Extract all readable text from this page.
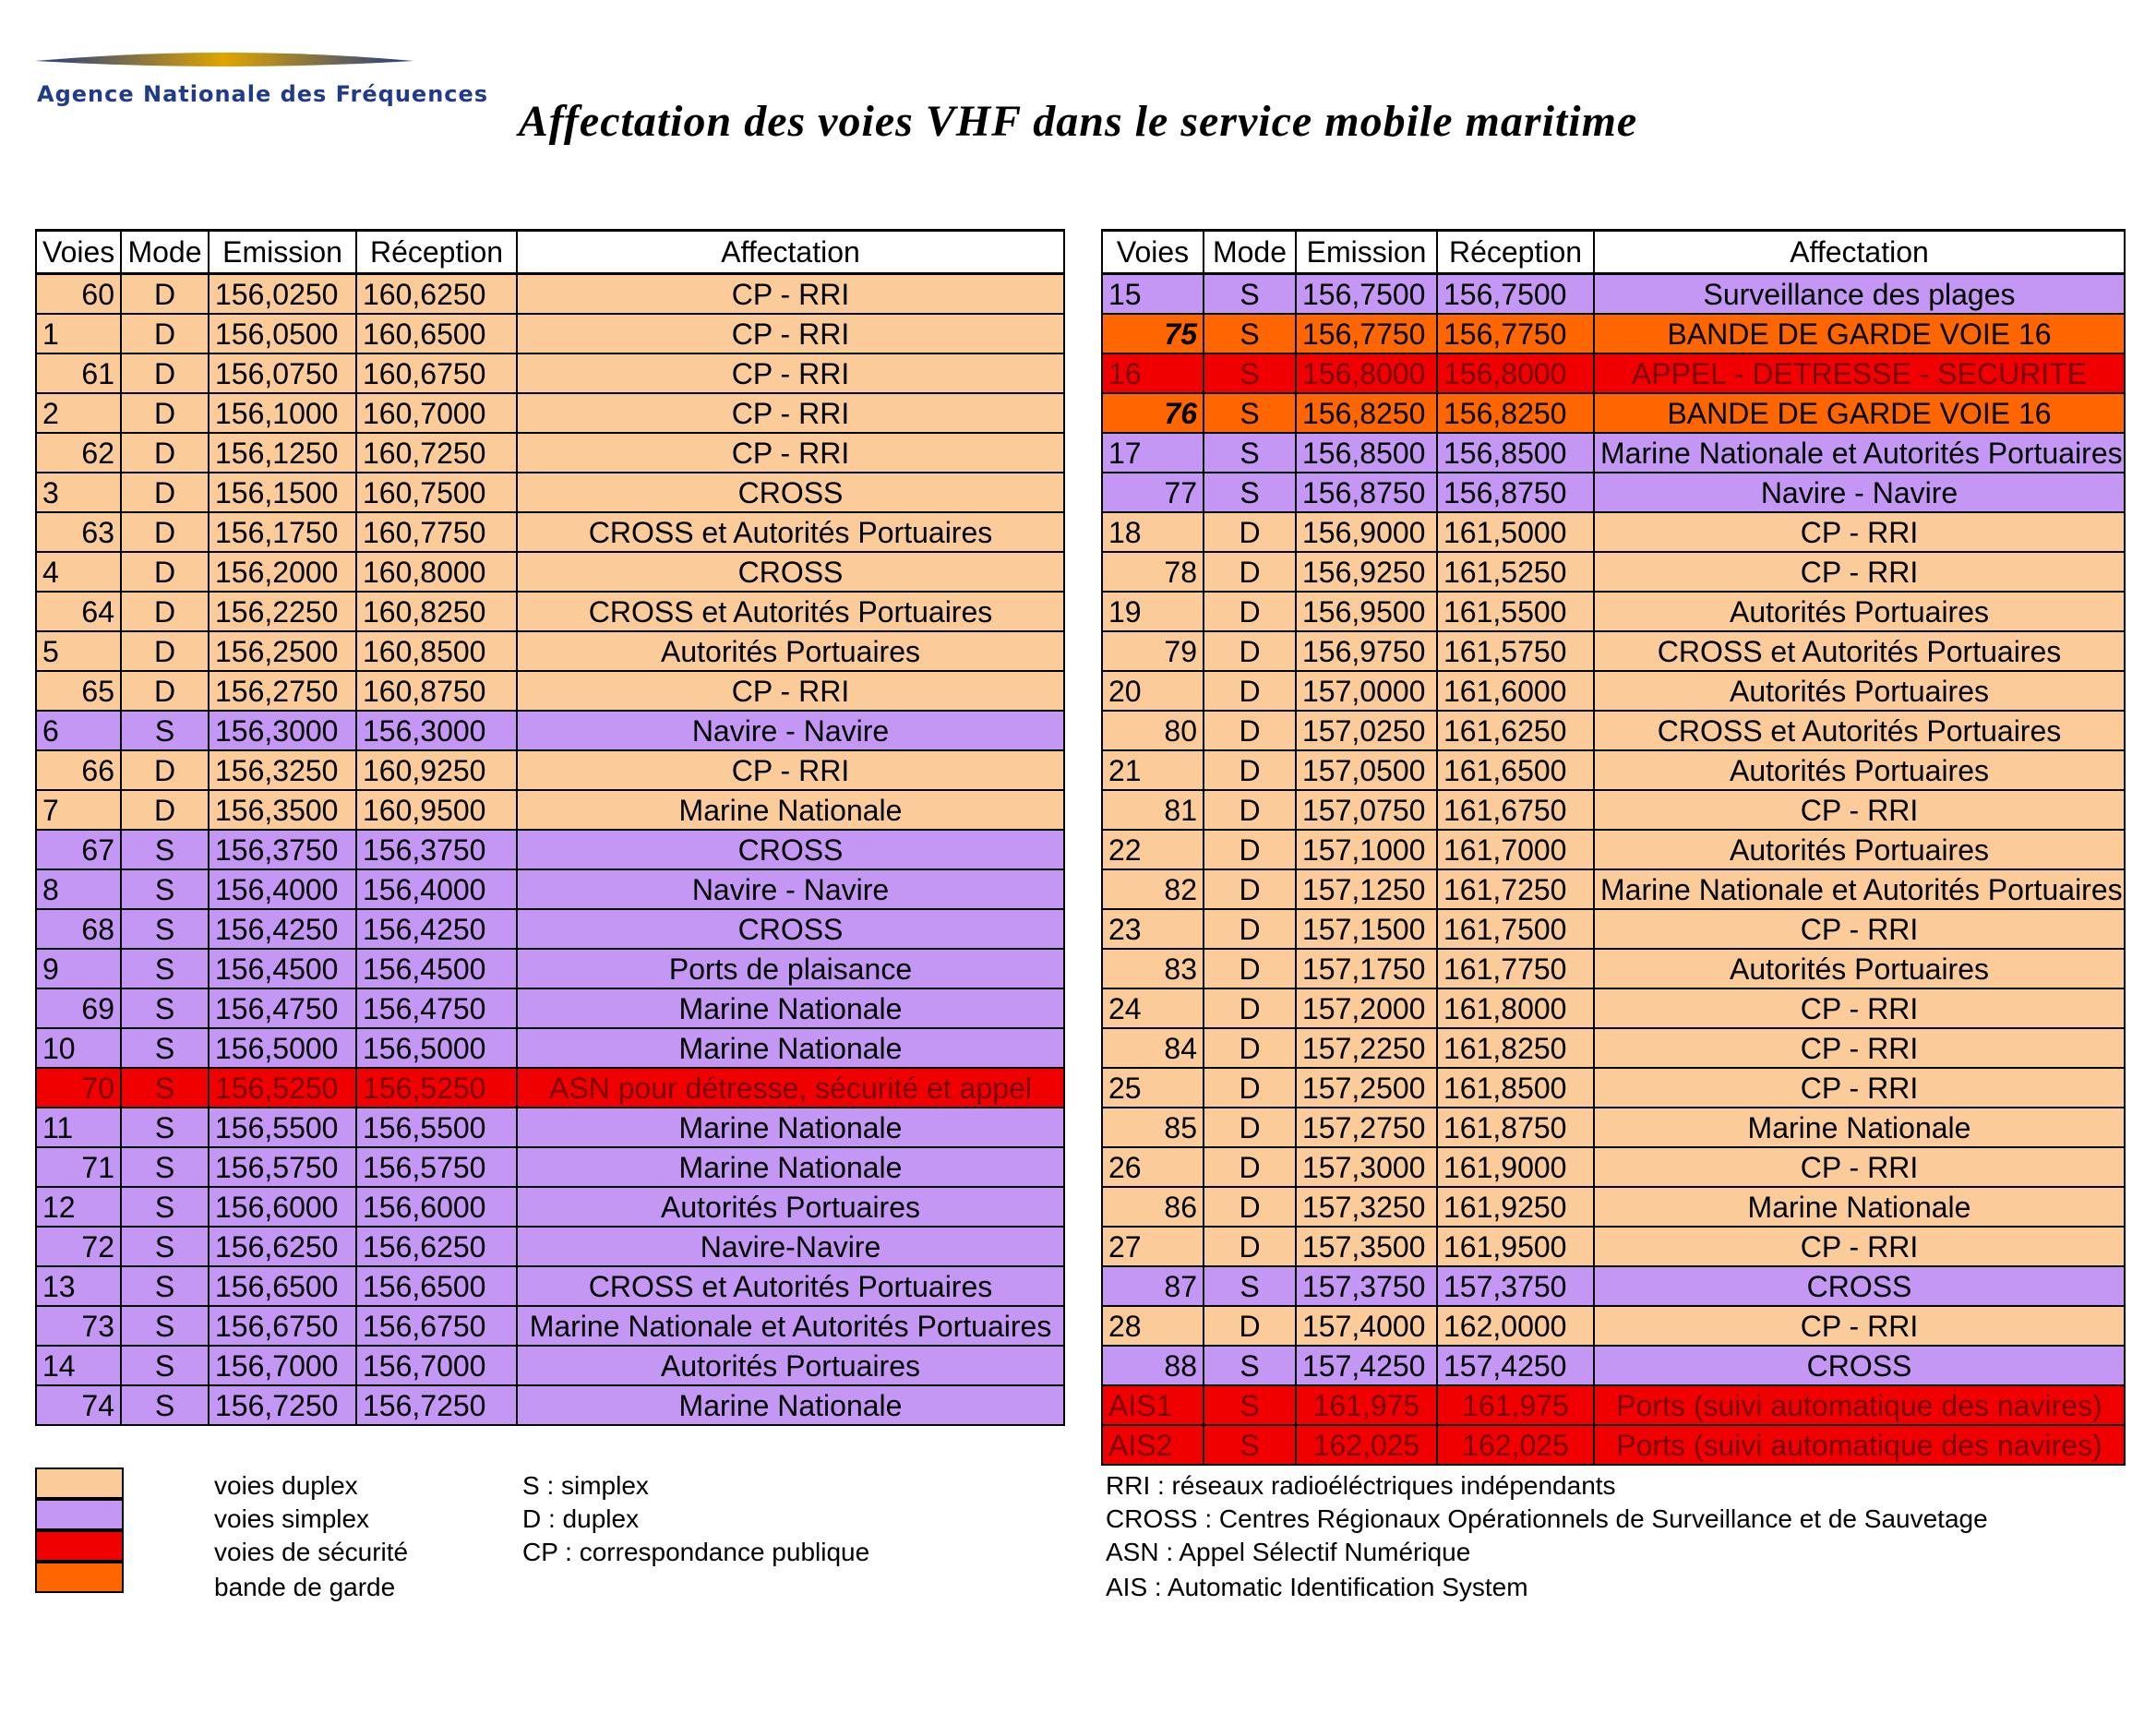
Agence Nationale des Fréquences
Affectation des voies VHF dans le service mobile maritime
Voies	Mode	Emission	Réception	Affectation
60	D	156,0250	160,6250	CP - RRI
1	D	156,0500	160,6500	CP - RRI
61	D	156,0750	160,6750	CP - RRI
2	D	156,1000	160,7000	CP - RRI
62	D	156,1250	160,7250	CP - RRI
3	D	156,1500	160,7500	CROSS
63	D	156,1750	160,7750	CROSS et Autorités Portuaires
4	D	156,2000	160,8000	CROSS
64	D	156,2250	160,8250	CROSS et Autorités Portuaires
5	D	156,2500	160,8500	Autorités Portuaires
65	D	156,2750	160,8750	CP - RRI
6	S	156,3000	156,3000	Navire - Navire
66	D	156,3250	160,9250	CP - RRI
7	D	156,3500	160,9500	Marine Nationale
67	S	156,3750	156,3750	CROSS
8	S	156,4000	156,4000	Navire - Navire
68	S	156,4250	156,4250	CROSS
9	S	156,4500	156,4500	Ports de plaisance
69	S	156,4750	156,4750	Marine Nationale
10	S	156,5000	156,5000	Marine Nationale
70	S	156,5250	156,5250	ASN pour détresse, sécurité et appel
11	S	156,5500	156,5500	Marine Nationale
71	S	156,5750	156,5750	Marine Nationale
12	S	156,6000	156,6000	Autorités Portuaires
72	S	156,6250	156,6250	Navire-Navire
13	S	156,6500	156,6500	CROSS et Autorités Portuaires
73	S	156,6750	156,6750	Marine Nationale et Autorités Portuaires
14	S	156,7000	156,7000	Autorités Portuaires
74	S	156,7250	156,7250	Marine Nationale
Voies	Mode	Emission	Réception	Affectation
15	S	156,7500	156,7500	Surveillance des plages
75	S	156,7750	156,7750	BANDE DE GARDE VOIE 16
16	S	156,8000	156,8000	APPEL - DETRESSE - SECURITE
76	S	156,8250	156,8250	BANDE DE GARDE VOIE 16
17	S	156,8500	156,8500	Marine Nationale et Autorités Portuaires
77	S	156,8750	156,8750	Navire - Navire
18	D	156,9000	161,5000	CP - RRI
78	D	156,9250	161,5250	CP - RRI
19	D	156,9500	161,5500	Autorités Portuaires
79	D	156,9750	161,5750	CROSS et Autorités Portuaires
20	D	157,0000	161,6000	Autorités Portuaires
80	D	157,0250	161,6250	CROSS et Autorités Portuaires
21	D	157,0500	161,6500	Autorités Portuaires
81	D	157,0750	161,6750	CP - RRI
22	D	157,1000	161,7000	Autorités Portuaires
82	D	157,1250	161,7250	Marine Nationale et Autorités Portuaires
23	D	157,1500	161,7500	CP - RRI
83	D	157,1750	161,7750	Autorités Portuaires
24	D	157,2000	161,8000	CP - RRI
84	D	157,2250	161,8250	CP - RRI
25	D	157,2500	161,8500	CP - RRI
85	D	157,2750	161,8750	Marine Nationale
26	D	157,3000	161,9000	CP - RRI
86	D	157,3250	161,9250	Marine Nationale
27	D	157,3500	161,9500	CP - RRI
87	S	157,3750	157,3750	CROSS
28	D	157,4000	162,0000	CP - RRI
88	S	157,4250	157,4250	CROSS
AIS1	S	161,975	161,975	Ports (suivi automatique des navires)
AIS2	S	162,025	162,025	Ports (suivi automatique des navires)
voies duplex
voies simplex
voies de sécurité
bande de garde
S : simplex
D : duplex
CP : correspondance publique
RRI : réseaux radioéléctriques indépendants
CROSS : Centres Régionaux Opérationnels de Surveillance et de Sauvetage
ASN : Appel Sélectif Numérique
AIS : Automatic Identification System
